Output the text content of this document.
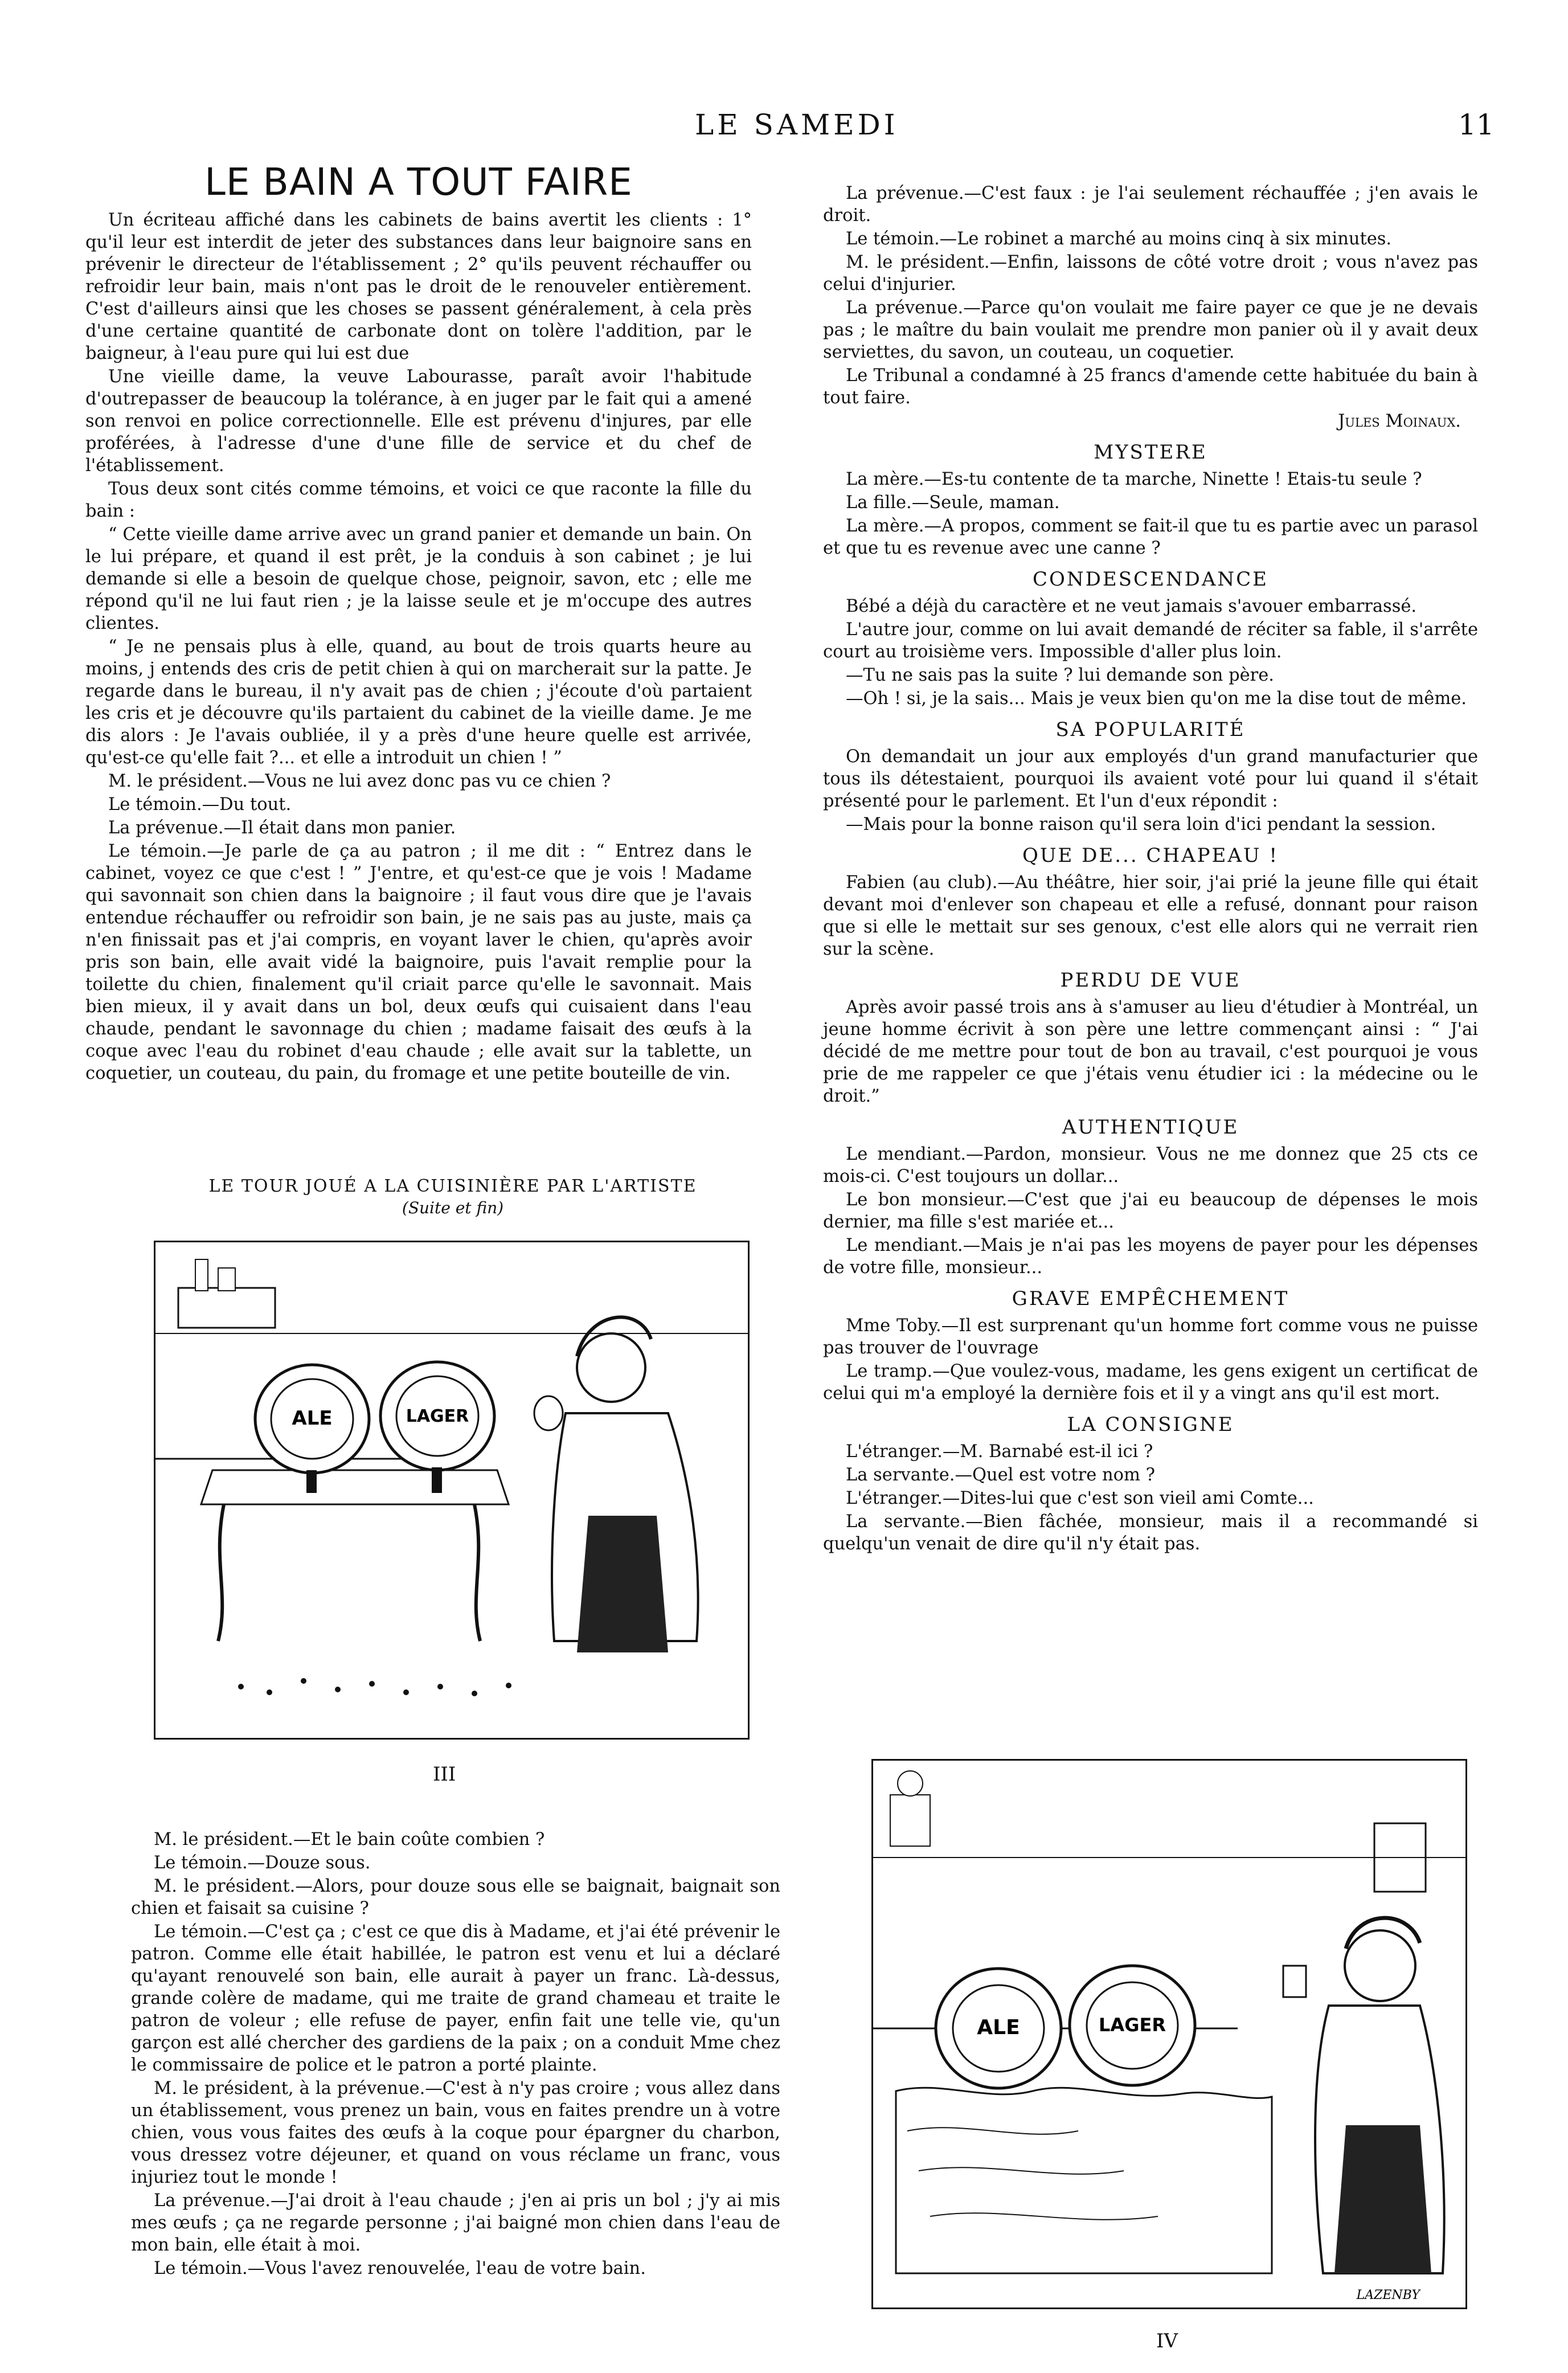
LE SAMEDI	11
LE BAIN A TOUT FAIRE

Un écriteau affiché dans les cabinets de bains avertit les clients : 1° qu'il leur est interdit de jeter des substances dans leur baignoire sans en prévenir le directeur de l'établissement ; 2° qu'ils peuvent réchauffer ou refroidir leur bain, mais n'ont pas le droit de le renouveler entièrement. C'est d'ailleurs ainsi que les choses se passent généralement, à cela près d'une certaine quantité de carbonate dont on tolère l'addition, par le baigneur, à l'eau pure qui lui est due

Une vieille dame, la veuve Labourasse, paraît avoir l'habitude d'outrepasser de beaucoup la tolérance, à en juger par le fait qui a amené son renvoi en police correctionnelle. Elle est prévenu d'injures, par elle proférées, à l'adresse d'une d'une fille de service et du chef de l'établissement.

Tous deux sont cités comme témoins, et voici ce que raconte la fille du bain :

“ Cette vieille dame arrive avec un grand panier et demande un bain. On le lui prépare, et quand il est prêt, je la conduis à son cabinet ; je lui demande si elle a besoin de quelque chose, peignoir, savon, etc ; elle me répond qu'il ne lui faut rien ; je la laisse seule et je m'occupe des autres clientes.

“ Je ne pensais plus à elle, quand, au bout de trois quarts heure au moins, j entends des cris de petit chien à qui on marcherait sur la patte. Je regarde dans le bureau, il n'y avait pas de chien ; j'écoute d'où partaient les cris et je découvre qu'ils partaient du cabinet de la vieille dame. Je me dis alors : Je l'avais oubliée, il y a près d'une heure quelle est arrivée, qu'est-ce qu'elle fait ?... et elle a introduit un chien ! ”

M. le président.—Vous ne lui avez donc pas vu ce chien ?

Le témoin.—Du tout.

La prévenue.—Il était dans mon panier.

Le témoin.—Je parle de ça au patron ; il me dit : “ Entrez dans le cabinet, voyez ce que c'est ! ” J'entre, et qu'est-ce que je vois ! Madame qui savonnait son chien dans la baignoire ; il faut vous dire que je l'avais entendue réchauffer ou refroidir son bain, je ne sais pas au juste, mais ça n'en finissait pas et j'ai compris, en voyant laver le chien, qu'après avoir pris son bain, elle avait vidé la baignoire, puis l'avait remplie pour la toilette du chien, finalement qu'il criait parce qu'elle le savonnait. Mais bien mieux, il y avait dans un bol, deux œufs qui cuisaient dans l'eau chaude, pendant le savonnage du chien ; madame faisait des œufs à la coque avec l'eau du robinet d'eau chaude ; elle avait sur la tablette, un coquetier, un couteau, du pain, du fromage et une petite bouteille de vin.

LE TOUR JOUÉ A LA CUISINIÈRE PAR L'ARTISTE
(Suite et fin)
ALE	LAGER
III

M. le président.—Et le bain coûte combien ?

Le témoin.—Douze sous.

M. le président.—Alors, pour douze sous elle se baignait, baignait son chien et faisait sa cuisine ?

Le témoin.—C'est ça ; c'est ce que dis à Madame, et j'ai été prévenir le patron. Comme elle était habillée, le patron est venu et lui a déclaré qu'ayant renouvelé son bain, elle aurait à payer un franc. Là-dessus, grande colère de madame, qui me traite de grand chameau et traite le patron de voleur ; elle refuse de payer, enfin fait une telle vie, qu'un garçon est allé chercher des gardiens de la paix ; on a conduit Mme chez le commissaire de police et le patron a porté plainte.

M. le président, à la prévenue.—C'est à n'y pas croire ; vous allez dans un établissement, vous prenez un bain, vous en faites prendre un à votre chien, vous vous faites des œufs à la coque pour épargner du charbon, vous dressez votre déjeuner, et quand on vous réclame un franc, vous injuriez tout le monde !

La prévenue.—J'ai droit à l'eau chaude ; j'en ai pris un bol ; j'y ai mis mes œufs ; ça ne regarde personne ; j'ai baigné mon chien dans l'eau de mon bain, elle était à moi.

Le témoin.—Vous l'avez renouvelée, l'eau de votre bain.

La prévenue.—C'est faux : je l'ai seulement réchauffée ; j'en avais le droit.

Le témoin.—Le robinet a marché au moins cinq à six minutes.

M. le président.—Enfin, laissons de côté votre droit ; vous n'avez pas celui d'injurier.

La prévenue.—Parce qu'on voulait me faire payer ce que je ne devais pas ; le maître du bain voulait me prendre mon panier où il y avait deux serviettes, du savon, un couteau, un coquetier.

Le Tribunal a condamné à 25 francs d'amende cette habituée du bain à tout faire.

Jules Moinaux.
MYSTERE

La mère.—Es-tu contente de ta marche, Ninette ! Etais-tu seule ?

La fille.—Seule, maman.

La mère.—A propos, comment se fait-il que tu es partie avec un parasol et que tu es revenue avec une canne ?

CONDESCENDANCE

Bébé a déjà du caractère et ne veut jamais s'avouer embarrassé.

L'autre jour, comme on lui avait demandé de réciter sa fable, il s'arrête court au troisième vers. Impossible d'aller plus loin.

—Tu ne sais pas la suite ? lui demande son père.

—Oh ! si, je la sais... Mais je veux bien qu'on me la dise tout de même.

SA POPULARITÉ

On demandait un jour aux employés d'un grand manufacturier que tous ils détestaient, pourquoi ils avaient voté pour lui quand il s'était présenté pour le parlement. Et l'un d'eux répondit :

—Mais pour la bonne raison qu'il sera loin d'ici pendant la session.

QUE DE... CHAPEAU !

Fabien (au club).—Au théâtre, hier soir, j'ai prié la jeune fille qui était devant moi d'enlever son chapeau et elle a refusé, donnant pour raison que si elle le mettait sur ses genoux, c'est elle alors qui ne verrait rien sur la scène.

PERDU DE VUE

Après avoir passé trois ans à s'amuser au lieu d'étudier à Montréal, un jeune homme écrivit à son père une lettre commençant ainsi : “ J'ai décidé de me mettre pour tout de bon au travail, c'est pourquoi je vous prie de me rappeler ce que j'étais venu étudier ici : la médecine ou le droit.”

AUTHENTIQUE

Le mendiant.—Pardon, monsieur. Vous ne me donnez que 25 cts ce mois-ci. C'est toujours un dollar...

Le bon monsieur.—C'est que j'ai eu beaucoup de dépenses le mois dernier, ma fille s'est mariée et...

Le mendiant.—Mais je n'ai pas les moyens de payer pour les dépenses de votre fille, monsieur...

GRAVE EMPÊCHEMENT

Mme Toby.—Il est surprenant qu'un homme fort comme vous ne puisse pas trouver de l'ouvrage

Le tramp.—Que voulez-vous, madame, les gens exigent un certificat de celui qui m'a employé la dernière fois et il y a vingt ans qu'il est mort.

LA CONSIGNE

L'étranger.—M. Barnabé est-il ici ?

La servante.—Quel est votre nom ?

L'étranger.—Dites-lui que c'est son vieil ami Comte...

La servante.—Bien fâchée, monsieur, mais il a recommandé si quelqu'un venait de dire qu'il n'y était pas.

ALE	LAGER
LAZENBY
IV
